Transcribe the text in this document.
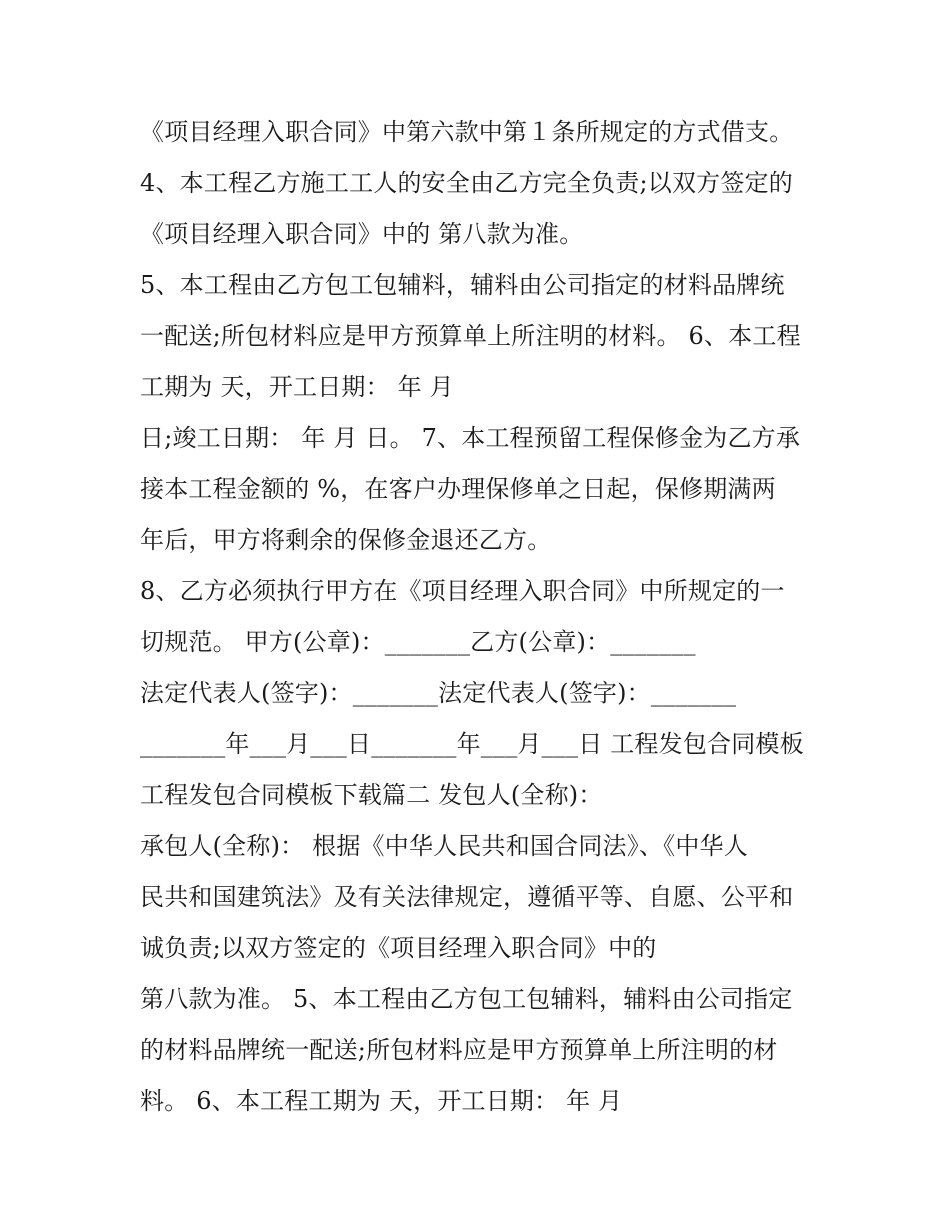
《项目经理入职合同》中第六款中第１条所规定的方式借支。
4、本工程乙方施工工人的安全由乙方完全负责;以双方签定的
《项目经理入职合同》中的 第八款为准。
5、本工程由乙方包工包辅料，辅料由公司指定的材料品牌统
一配送;所包材料应是甲方预算单上所注明的材料。 6、本工程
工期为 天，开工日期： 年 月
日;竣工日期： 年 月 日。 7、本工程预留工程保修金为乙方承
接本工程金额的 %，在客户办理保修单之日起，保修期满两
年后，甲方将剩余的保修金退还乙方。
8、乙方必须执行甲方在《项目经理入职合同》中所规定的一
切规范。 甲方(公章)：_______乙方(公章)：_______
法定代表人(签字)：_______法定代表人(签字)：_______
_______年___月___日_______年___月___日 工程发包合同模板
工程发包合同模板下载篇二 发包人(全称)：
承包人(全称)： 根据《中华人民共和国合同法》、《中华人
民共和国建筑法》及有关法律规定，遵循平等、自愿、公平和
诚负责;以双方签定的《项目经理入职合同》中的
第八款为准。 5、本工程由乙方包工包辅料，辅料由公司指定
的材料品牌统一配送;所包材料应是甲方预算单上所注明的材
料。 6、本工程工期为 天，开工日期： 年 月
